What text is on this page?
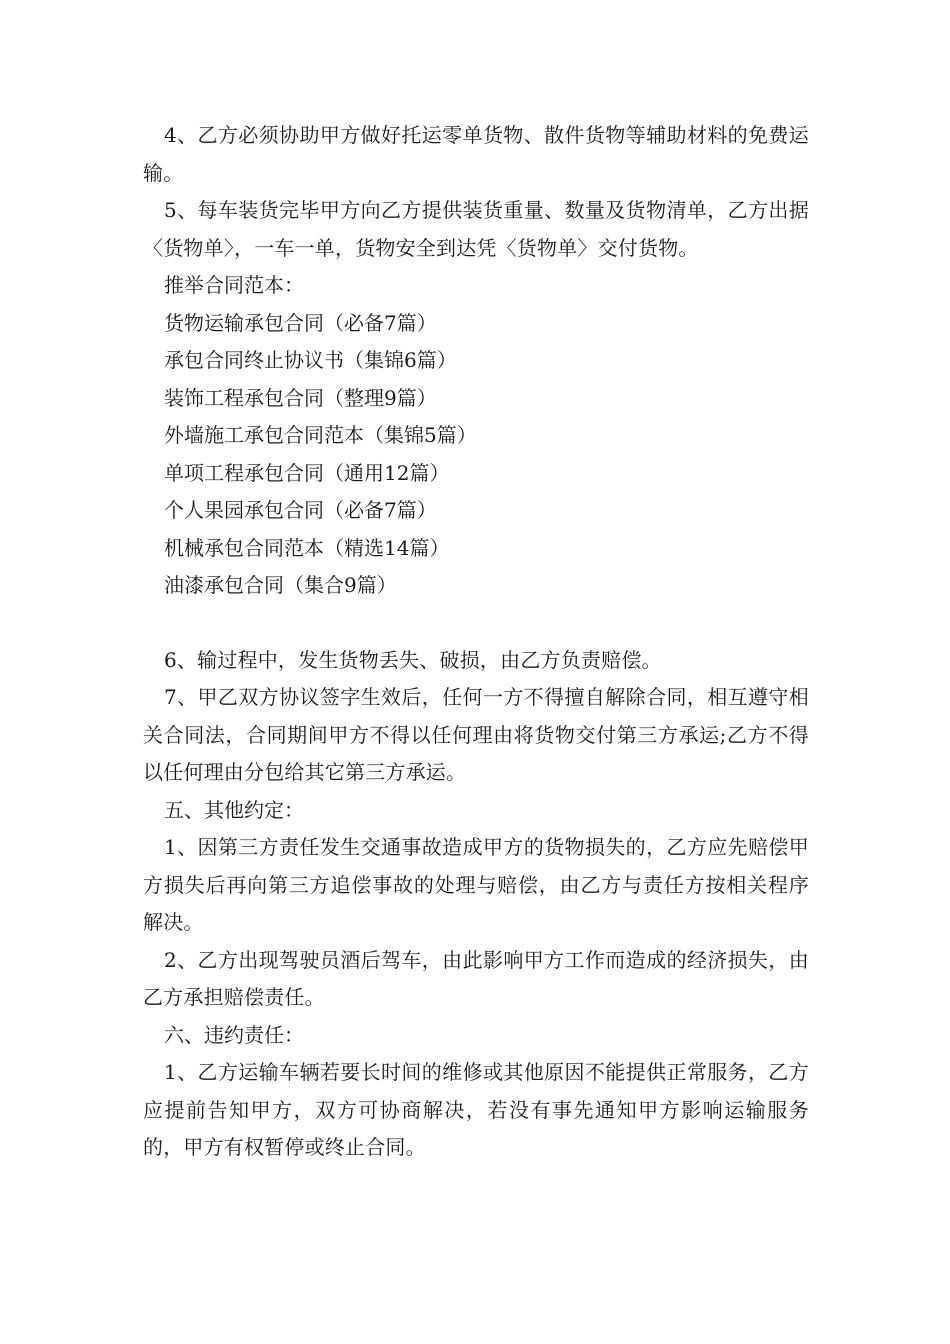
4、乙方必须协助甲方做好托运零单货物、散件货物等辅助材料的免费运输。

5、每车装货完毕甲方向乙方提供装货重量、数量及货物清单，乙方出据〈货物单〉，一车一单，货物安全到达凭〈货物单〉交付货物。

推举合同范本：

货物运输承包合同（必备7篇）

承包合同终止协议书（集锦6篇）

装饰工程承包合同（整理9篇）

外墙施工承包合同范本（集锦5篇）

单项工程承包合同（通用12篇）

个人果园承包合同（必备7篇）

机械承包合同范本（精选14篇）

油漆承包合同（集合9篇）

6、输过程中，发生货物丢失、破损，由乙方负责赔偿。

7、甲乙双方协议签字生效后，任何一方不得擅自解除合同，相互遵守相关合同法，合同期间甲方不得以任何理由将货物交付第三方承运;乙方不得以任何理由分包给其它第三方承运。

五、其他约定：

1、因第三方责任发生交通事故造成甲方的货物损失的，乙方应先赔偿甲方损失后再向第三方追偿事故的处理与赔偿，由乙方与责任方按相关程序解决。

2、乙方出现驾驶员酒后驾车，由此影响甲方工作而造成的经济损失，由乙方承担赔偿责任。

六、违约责任：

1、乙方运输车辆若要长时间的维修或其他原因不能提供正常服务，乙方应提前告知甲方，双方可协商解决，若没有事先通知甲方影响运输服务的，甲方有权暂停或终止合同。
